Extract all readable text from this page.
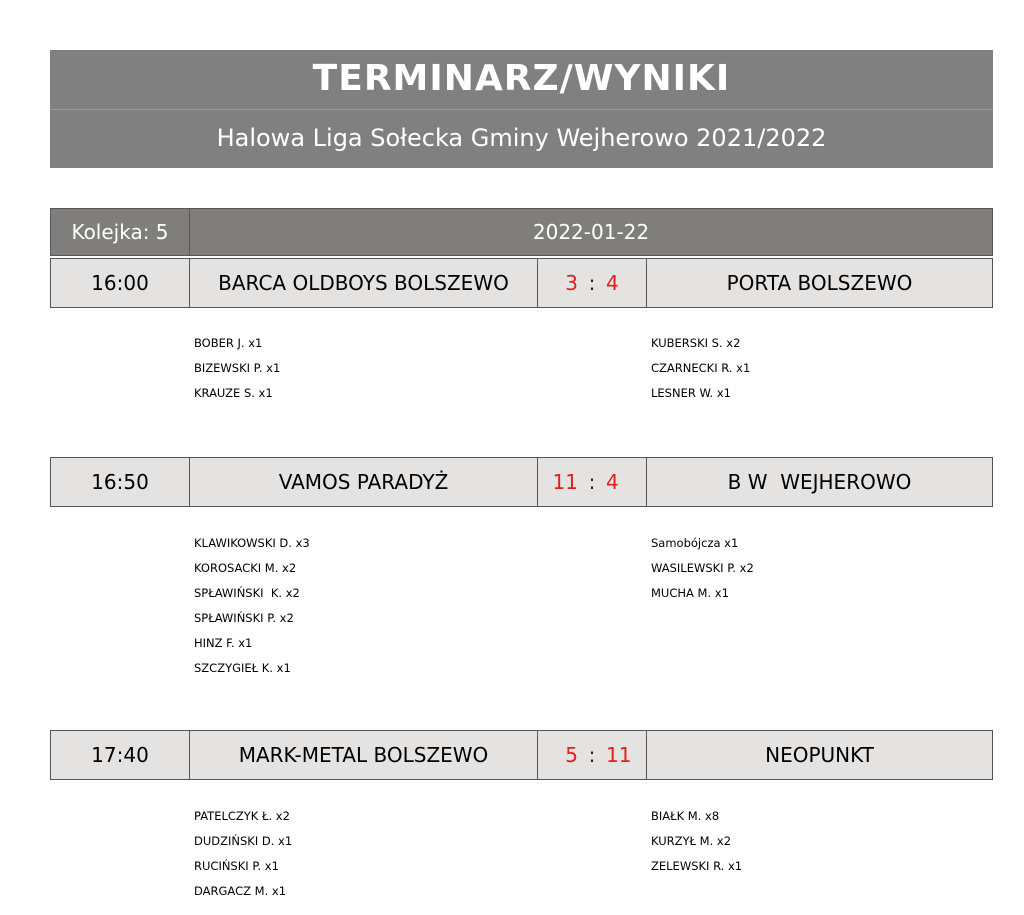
TERMINARZ/WYNIKI
Halowa Liga Sołecka Gminy Wejherowo 2021/2022
Kolejka: 5	2022-01-22
16:00	BARCA OLDBOYS BOLSZEWO	3 : 4	PORTA BOLSZEWO
BOBER J. x1
BIZEWSKI P. x1
KRAUZE S. x1
KUBERSKI S. x2
CZARNECKI R. x1
LESNER W. x1
16:50	VAMOS PARADYŻ	11 : 4	B W  WEJHEROWO
KLAWIKOWSKI D. x3
KOROSACKI M. x2
SPŁAWIŃSKI  K. x2
SPŁAWIŃSKI P. x2
HINZ F. x1
SZCZYGIEŁ K. x1
Samobójcza x1
WASILEWSKI P. x2
MUCHA M. x1
17:40	MARK-METAL BOLSZEWO	5 : 11	NEOPUNKT
PATELCZYK Ł. x2
DUDZIŃSKI D. x1
RUCIŃSKI P. x1
DARGACZ M. x1
BIAŁK M. x8
KURZYŁ M. x2
ZELEWSKI R. x1
